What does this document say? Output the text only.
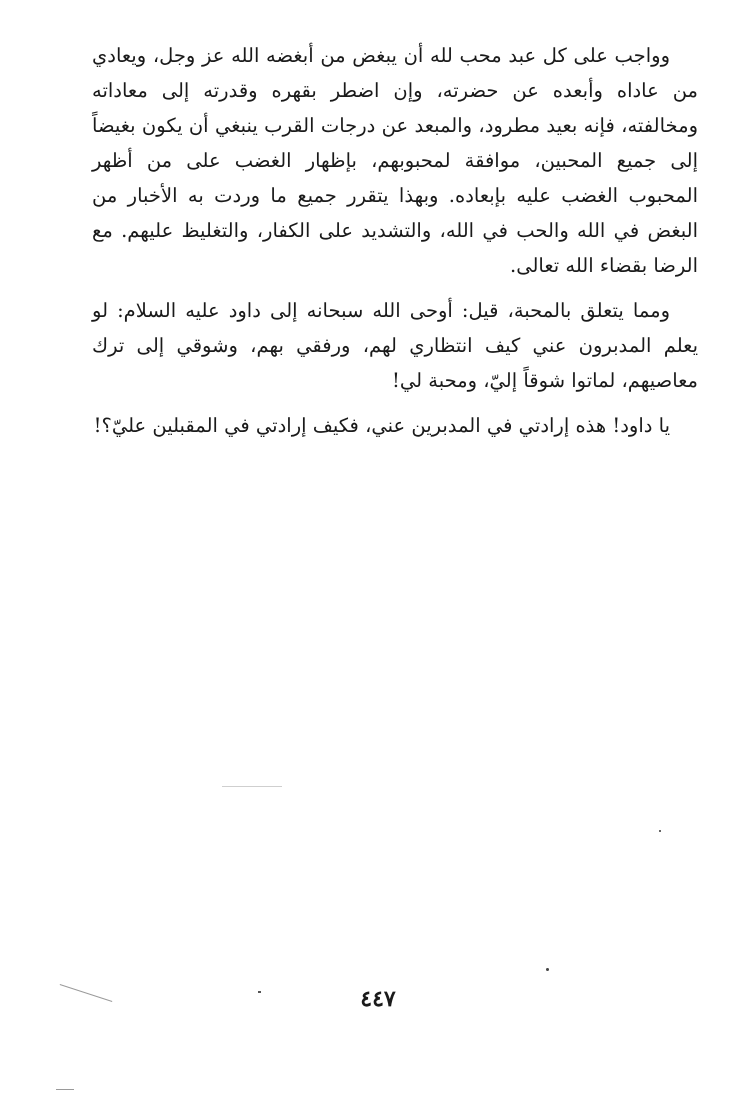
وواجب على كل عبد محب لله أن يبغض من أبغضه الله عز وجل، ويعادي من عاداه وأبعده عن حضرته، وإن اضطر بقهره وقدرته إلى معاداته ومخالفته، فإنه بعيد مطرود، والمبعد عن درجات القرب ينبغي أن يكون بغيضاً إلى جميع المحبين، موافقة لمحبوبهم، بإظهار الغضب على من أظهر المحبوب الغضب عليه بإبعاده. وبهذا يتقرر جميع ما وردت به الأخبار من البغض في الله والحب في الله، والتشديد على الكفار، والتغليظ عليهم. مع الرضا بقضاء الله تعالى.

ومما يتعلق بالمحبة، قيل: أوحى الله سبحانه إلى داود عليه السلام: لو يعلم المدبرون عني كيف انتظاري لهم، ورفقي بهم، وشوقي إلى ترك معاصيهم، لماتوا شوقاً إليّ، ومحبة لي!

يا داود! هذه إرادتي في المدبرين عني، فكيف إرادتي في المقبلين عليّ؟!

٤٤٧
